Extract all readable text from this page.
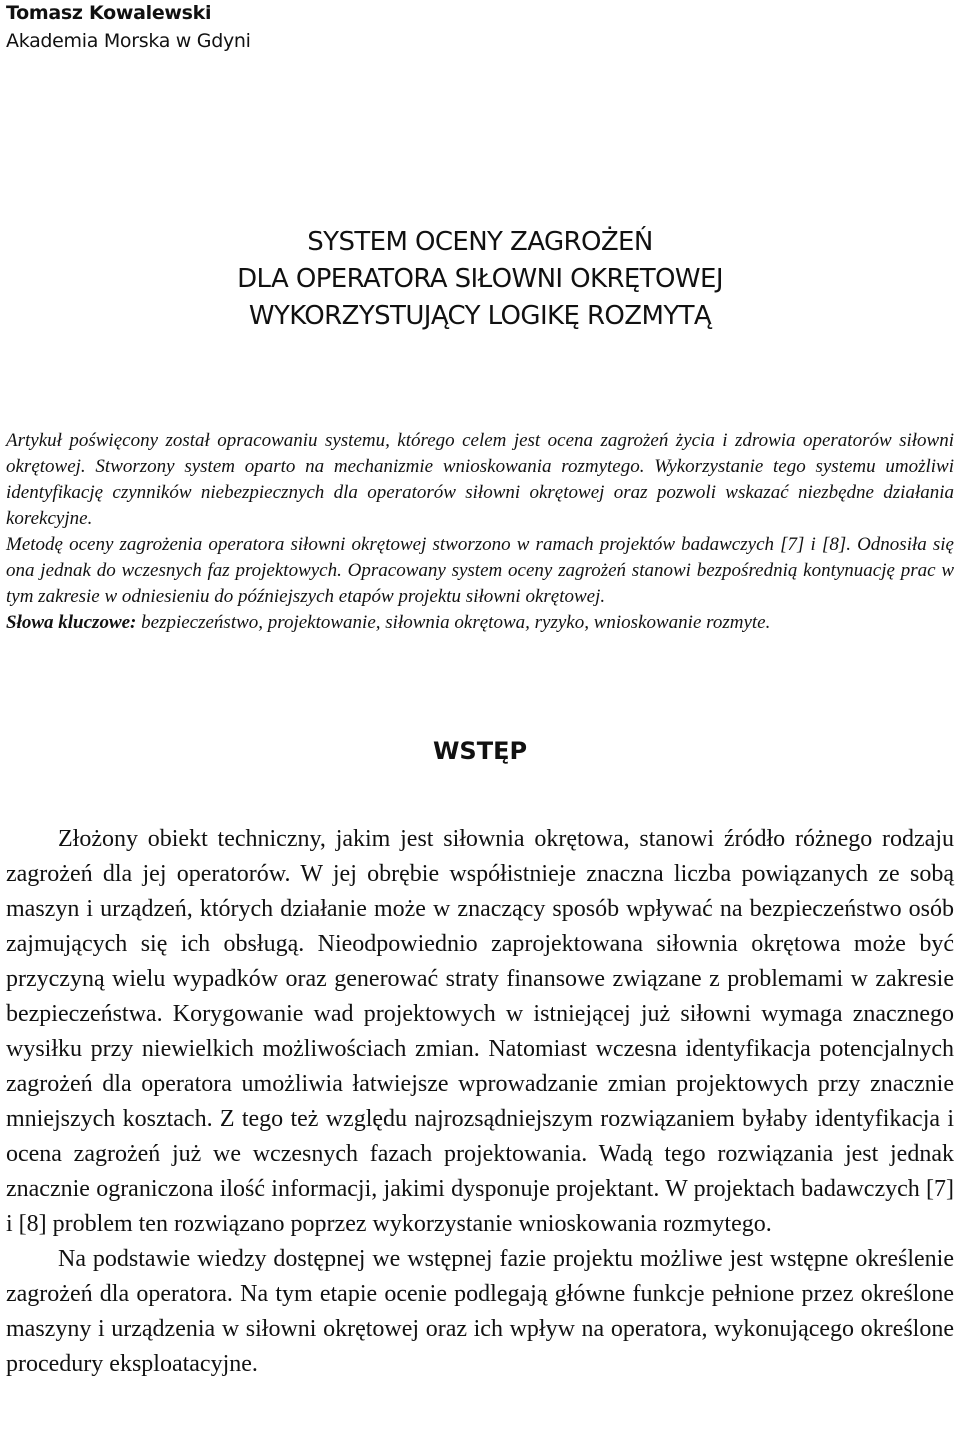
Tomasz Kowalewski
Akademia Morska w Gdyni
SYSTEM OCENY ZAGROŻEŃ
DLA OPERATORA SIŁOWNI OKRĘTOWEJ
WYKORZYSTUJĄCY LOGIKĘ ROZMYTĄ

Artykuł poświęcony został opracowaniu systemu, którego celem jest ocena zagrożeń życia i zdrowia operatorów siłowni okrętowej. Stworzony system oparto na mechanizmie wnioskowania rozmytego. Wykorzystanie tego systemu umożliwi identyfikację czynników niebezpiecznych dla operatorów siłowni okrętowej oraz pozwoli wskazać niezbędne działania korekcyjne.

Metodę oceny zagrożenia operatora siłowni okrętowej stworzono w ramach projektów badawczych [7] i [8]. Odnosiła się ona jednak do wczesnych faz projektowych. Opracowany system oceny zagrożeń stanowi bezpośrednią kontynuację prac w tym zakresie w odniesieniu do późniejszych etapów projektu siłowni okrętowej.

Słowa kluczowe: bezpieczeństwo, projektowanie, siłownia okrętowa, ryzyko, wnioskowanie rozmyte.

WSTĘP

Złożony obiekt techniczny, jakim jest siłownia okrętowa, stanowi źródło różnego rodzaju zagrożeń dla jej operatorów. W jej obrębie współistnieje znaczna liczba powiązanych ze sobą maszyn i urządzeń, których działanie może w znaczący sposób wpływać na bezpieczeństwo osób zajmujących się ich obsługą. Nieodpowiednio zaprojektowana siłownia okrętowa może być przyczyną wielu wypadków oraz generować straty finansowe związane z problemami w zakresie bezpieczeństwa. Korygowanie wad projektowych w istniejącej już siłowni wymaga znacznego wysiłku przy niewielkich możliwościach zmian. Natomiast wczesna identyfikacja potencjalnych zagrożeń dla operatora umożliwia łatwiejsze wprowadzanie zmian projektowych przy znacznie mniejszych kosztach. Z tego też względu najrozsądniejszym rozwiązaniem byłaby identyfikacja i ocena zagrożeń już we wczesnych fazach projektowania. Wadą tego rozwiązania jest jednak znacznie ograniczona ilość informacji, jakimi dysponuje projektant. W projektach badawczych [7] i [8] problem ten rozwiązano poprzez wykorzystanie wnioskowania rozmytego.

Na podstawie wiedzy dostępnej we wstępnej fazie projektu możliwe jest wstępne określenie zagrożeń dla operatora. Na tym etapie ocenie podlegają główne funkcje pełnione przez określone maszyny i urządzenia w siłowni okrętowej oraz ich wpływ na operatora, wykonującego określone procedury eksploatacyjne.
